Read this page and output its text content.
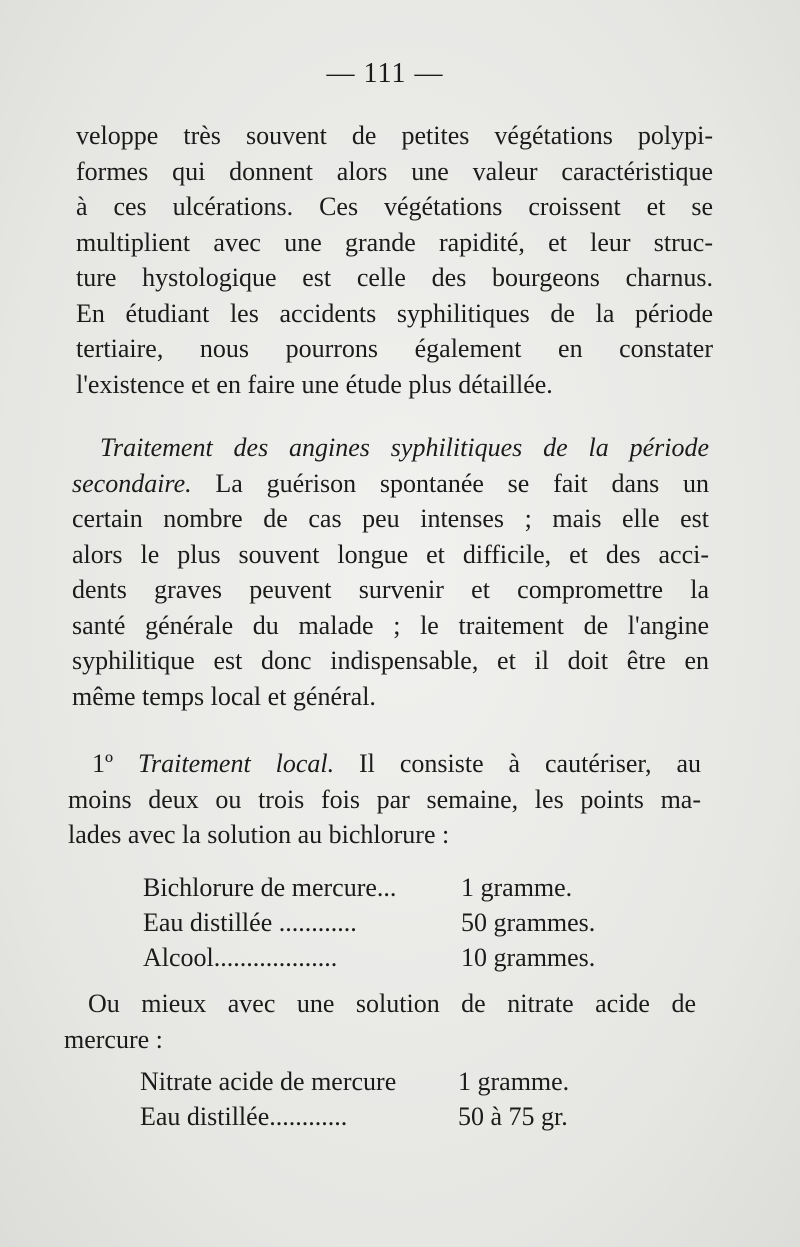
— 111 —
veloppe très souvent de petites végétations polypi-
formes qui donnent alors une valeur caractéristique
à ces ulcérations. Ces végétations croissent et se
multiplient avec une grande rapidité, et leur struc-
ture hystologique est celle des bourgeons charnus.
En étudiant les accidents syphilitiques de la période
tertiaire, nous pourrons également en constater
l'existence et en faire une étude plus détaillée.
Traitement des angines syphilitiques de la période
secondaire. La guérison spontanée se fait dans un
certain nombre de cas peu intenses ; mais elle est
alors le plus souvent longue et difficile, et des acci-
dents graves peuvent survenir et compromettre la
santé générale du malade ; le traitement de l'angine
syphilitique est donc indispensable, et il doit être en
même temps local et général.
1º Traitement local. Il consiste à cautériser, au
moins deux ou trois fois par semaine, les points ma-
lades avec la solution au bichlorure :
Bichlorure de mercure... 1 gramme.
Eau distillée ............	50 grammes.
Alcool...................	10 grammes.
Ou mieux avec une solution de nitrate acide de
mercure :
Nitrate acide de mercure 1 gramme.
Eau distillée............	50 à 75 gr.
